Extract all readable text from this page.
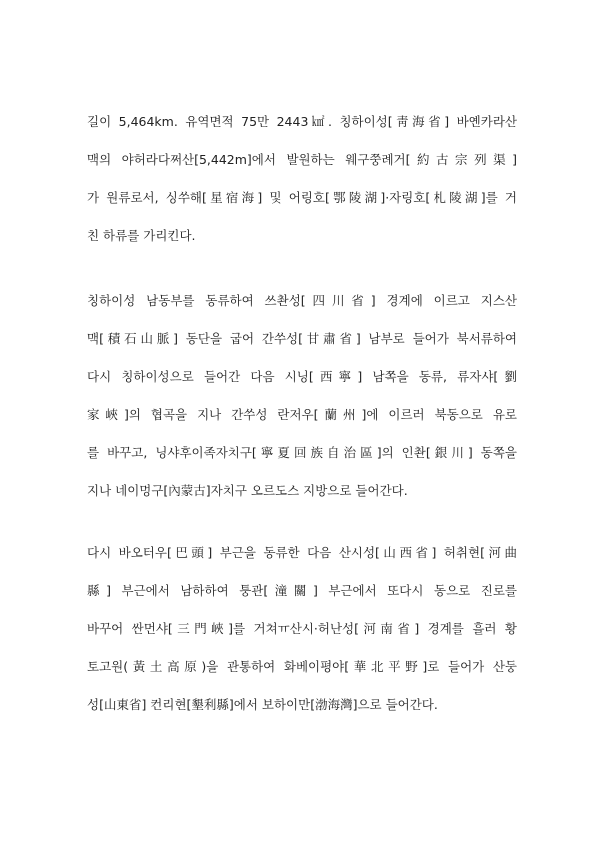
길이 5,464km. 유역면적 75만 2443㎢. 칭하이성[靑海省] 바옌카라산
맥의 야허라다쩌산[5,442m]에서 발원하는 웨구쭝례거[約古宗列渠]
가 원류로서, 싱쑤해[星宿海] 및 어링호[鄂陵湖]·자링호[札陵湖]를 거
친 하류를 가리킨다.
칭하이성 남동부를 동류하여 쓰촨성[四川省] 경계에 이르고 지스산
맥[積石山脈] 동단을 굽어 간쑤성[甘肅省] 남부로 들어가 북서류하여
다시 칭하이성으로 들어간 다음 시닝[西寧] 남쪽을 동류, 류자샤[劉
家峽]의 협곡을 지나 간쑤성 란저우[蘭州]에 이르러 북동으로 유로
를 바꾸고, 닝샤후이족자치구[寧夏回族自治區]의 인촨[銀川] 동쪽을
지나 네이멍구[內蒙古]자치구 오르도스 지방으로 들어간다.
다시 바오터우[巴頭] 부근을 동류한 다음 산시성[山西省] 허취현[河曲
縣] 부근에서 남하하여 퉁관[潼關] 부근에서 또다시 동으로 진로를
바꾸어 싼먼샤[三門峽]를 거쳐ㅠ산시·허난성[河南省] 경계를 흘러 황
토고원(黃土高原)을 관통하여 화베이평야[華北平野]로 들어가 산둥
성[山東省] 컨리현[墾利縣]에서 보하이만[渤海灣]으로 들어간다.
